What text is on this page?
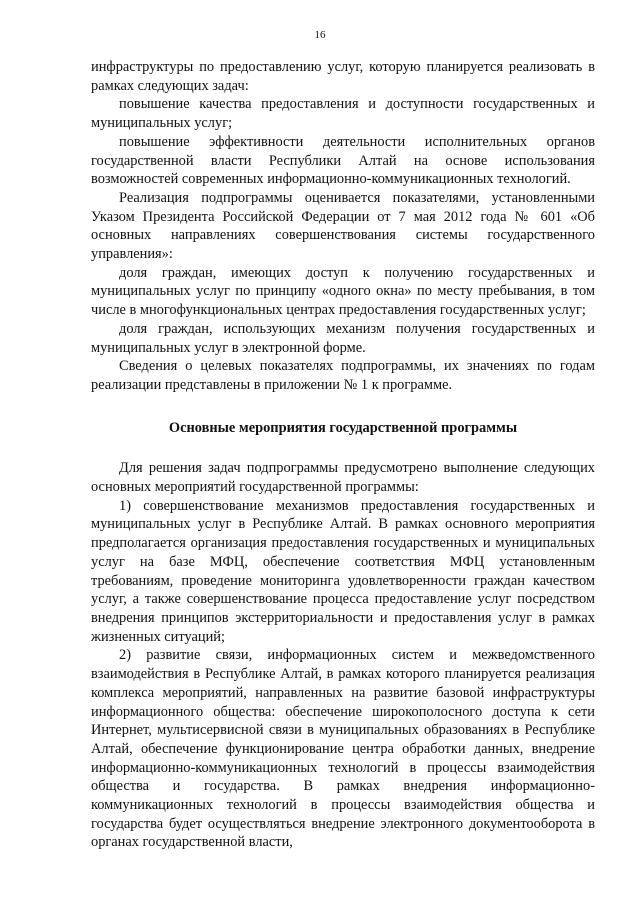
16

инфраструктуры по предоставлению услуг, которую планируется реализовать в рамках следующих задач:

повышение качества предоставления и доступности государственных и муниципальных услуг;

повышение эффективности деятельности исполнительных органов государственной власти Республики Алтай на основе использования возможностей современных информационно-коммуникационных технологий.

Реализация подпрограммы оценивается показателями, установленными Указом Президента Российской Федерации от 7 мая 2012 года № 601 «Об основных направлениях совершенствования системы государственного управления»:

доля граждан, имеющих доступ к получению государственных и муниципальных услуг по принципу «одного окна» по месту пребывания, в том числе в многофункциональных центрах предоставления государственных услуг;

доля граждан, использующих механизм получения государственных и муниципальных услуг в электронной форме.

Сведения о целевых показателях подпрограммы, их значениях по годам реализации представлены в приложении № 1 к программе.

Основные мероприятия государственной программы

Для решения задач подпрограммы предусмотрено выполнение следующих основных мероприятий государственной программы:

1) совершенствование механизмов предоставления государственных и муниципальных услуг в Республике Алтай. В рамках основного мероприятия предполагается организация предоставления государственных и муниципальных услуг на базе МФЦ, обеспечение соответствия МФЦ установленным требованиям, проведение мониторинга удовлетворенности граждан качеством услуг, а также совершенствование процесса предоставление услуг посредством внедрения принципов экстерриториальности и предоставления услуг в рамках жизненных ситуаций;

2) развитие связи, информационных систем и межведомственного взаимодействия в Республике Алтай, в рамках которого планируется реализация комплекса мероприятий, направленных на развитие базовой инфраструктуры информационного общества: обеспечение широкополосного доступа к сети Интернет, мультисервисной связи в муниципальных образованиях в Республике Алтай, обеспечение функционирование центра обработки данных, внедрение информационно-коммуникационных технологий в процессы взаимодействия общества и государства. В рамках внедрения информационно-коммуникационных технологий в процессы взаимодействия общества и государства будет осуществляться внедрение электронного документооборота в органах государственной власти,
